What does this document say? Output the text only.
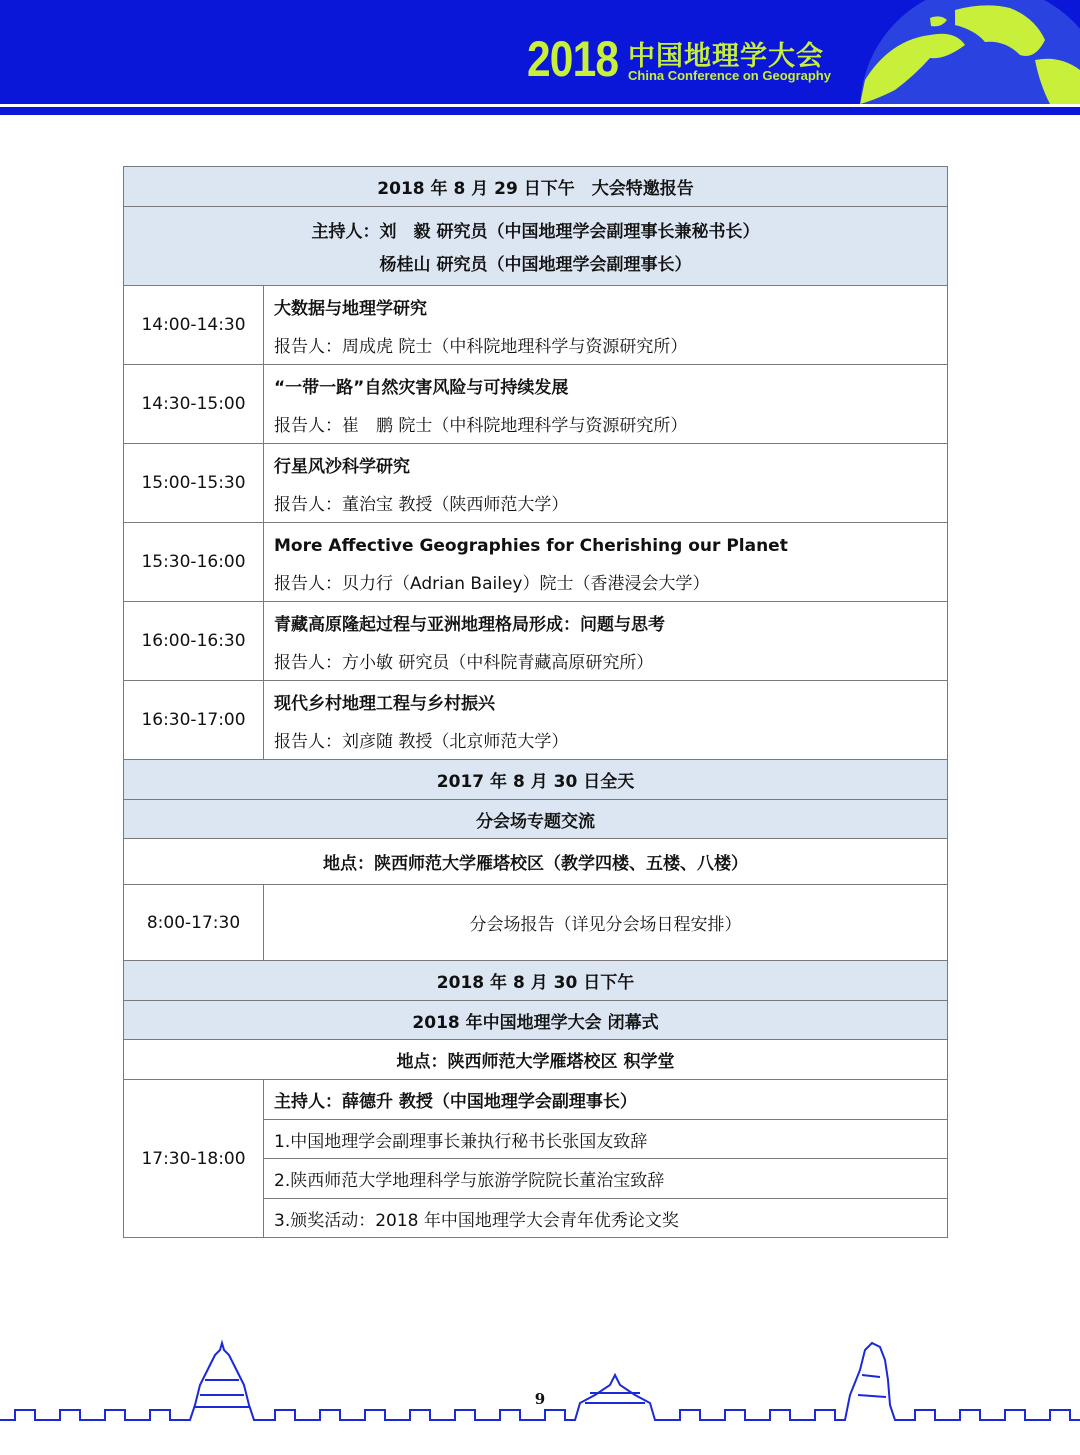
2018 中国地理学大会
China Conference on Geography
2018 年 8 月 29 日下午　大会特邀报告	

主持人：刘　毅 研究员（中国地理学会副理事长兼秘书长）
杨桂山 研究员（中国地理学会副理事长）	

14:00-14:30	大数据与地理学研究
报告人：周成虎 院士（中科院地理科学与资源研究所）

14:30-15:00	“一带一路”自然灾害风险与可持续发展
报告人：崔　鹏 院士（中科院地理科学与资源研究所）

15:00-15:30	行星风沙科学研究
报告人：董治宝 教授（陕西师范大学）

15:30-16:00	More Affective Geographies for Cherishing our Planet
报告人：贝力行（Adrian Bailey）院士（香港浸会大学）

16:00-16:30	青藏高原隆起过程与亚洲地理格局形成：问题与思考
报告人：方小敏 研究员（中科院青藏高原研究所）

16:30-17:00	现代乡村地理工程与乡村振兴
报告人：刘彦随 教授（北京师范大学）

2017 年 8 月 30 日全天	
分会场专题交流	
地点：陕西师范大学雁塔校区（教学四楼、五楼、八楼）	
8:00-17:30	分会场报告（详见分会场日程安排）
2018 年 8 月 30 日下午	
2018 年中国地理学大会 闭幕式	
地点：陕西师范大学雁塔校区 积学堂	
17:30-18:00	主持人：薛德升 教授（中国地理学会副理事长）
	1.中国地理学会副理事长兼执行秘书长张国友致辞
	2.陕西师范大学地理科学与旅游学院院长董治宝致辞
	3.颁奖活动：2018 年中国地理学大会青年优秀论文奖
9
